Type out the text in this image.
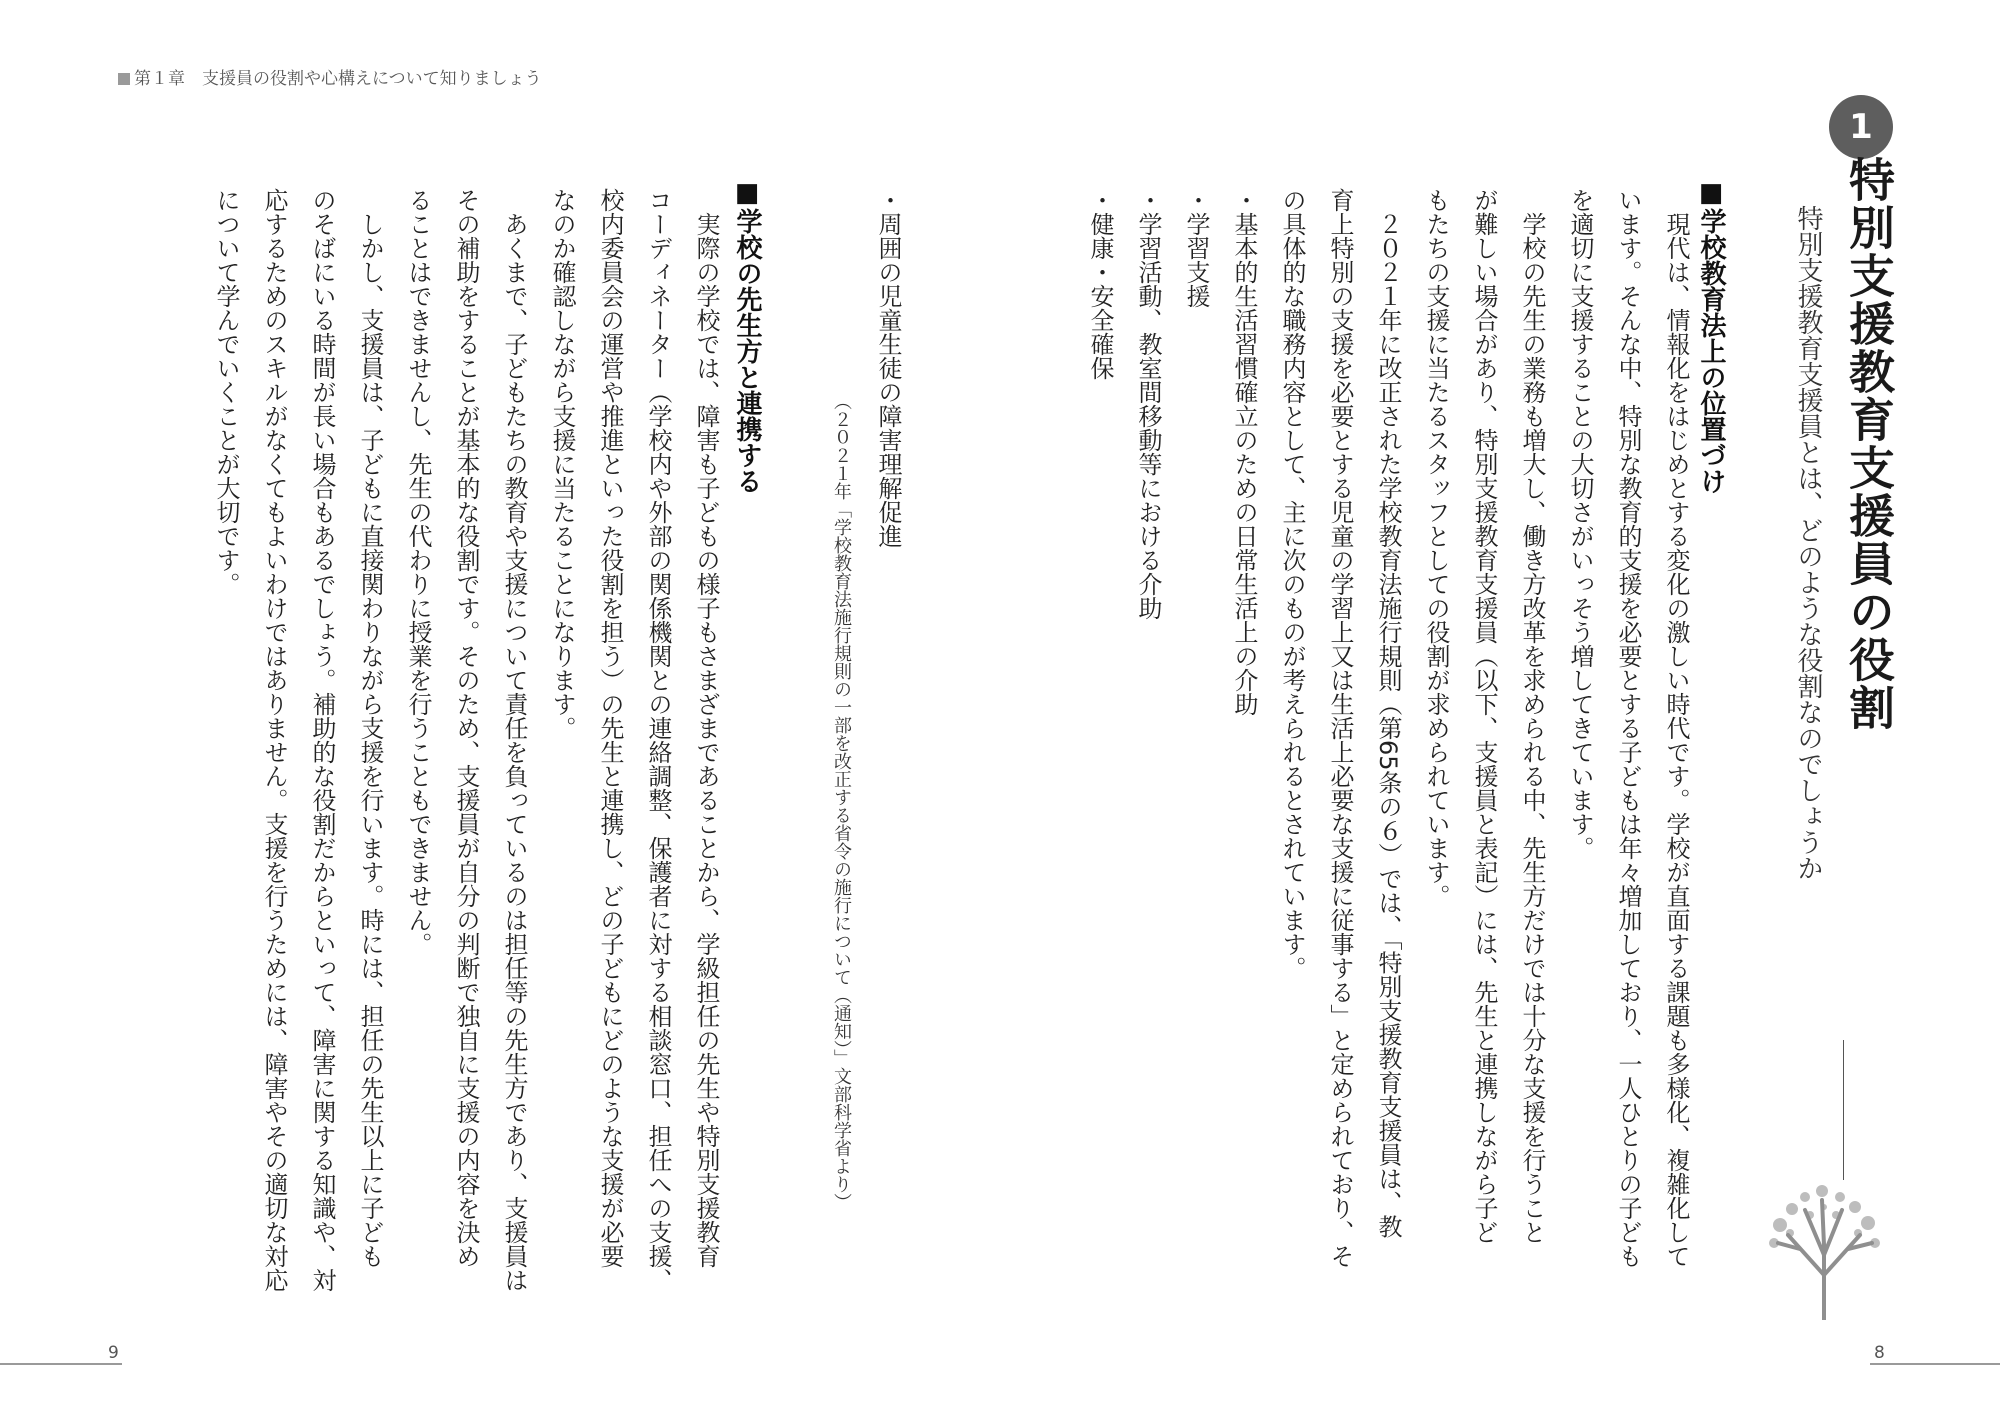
第１章　支援員の役割や心構えについて知りましょう
1
特別支援教育支援員の役割
特別支援教育支援員とは、どのような役割なのでしょうか
■学校教育法上の位置づけ
現代は、情報化をはじめとする変化の激しい時代です。学校が直面する課題も多様化、複雑化して
います。そんな中、特別な教育的支援を必要とする子どもは年々増加しており、一人ひとりの子ども
を適切に支援することの大切さがいっそう増してきています。
学校の先生の業務も増大し、働き方改革を求められる中、先生方だけでは十分な支援を行うこと
が難しい場合があり、特別支援教育支援員（以下、支援員と表記）には、先生と連携しながら子ど
もたちの支援に当たるスタッフとしての役割が求められています。
２０２１年に改正された学校教育法施行規則（第65条の６）では、「特別支援教育支援員は、教
育上特別の支援を必要とする児童の学習上又は生活上必要な支援に従事する」と定められており、そ
の具体的な職務内容として、主に次のものが考えられるとされています。
・基本的生活習慣確立のための日常生活上の介助
・学習支援
・学習活動、教室間移動等における介助
・健康・安全確保
・周囲の児童生徒の障害理解促進
（２０２１年「学校教育法施行規則の一部を改正する省令の施行について（通知）」文部科学省より）
■学校の先生方と連携する
実際の学校では、障害も子どもの様子もさまざまであることから、学級担任の先生や特別支援教育
コーディネーター（学校内や外部の関係機関との連絡調整、保護者に対する相談窓口、担任への支援、
校内委員会の運営や推進といった役割を担う）の先生と連携し、どの子どもにどのような支援が必要
なのか確認しながら支援に当たることになります。
あくまで、子どもたちの教育や支援について責任を負っているのは担任等の先生方であり、支援員は
その補助をすることが基本的な役割です。そのため、支援員が自分の判断で独自に支援の内容を決め
ることはできませんし、先生の代わりに授業を行うこともできません。
しかし、支援員は、子どもに直接関わりながら支援を行います。時には、担任の先生以上に子ども
のそばにいる時間が長い場合もあるでしょう。補助的な役割だからといって、障害に関する知識や、対
応するためのスキルがなくてもよいわけではありません。支援を行うためには、障害やその適切な対応
について学んでいくことが大切です。
9	8
